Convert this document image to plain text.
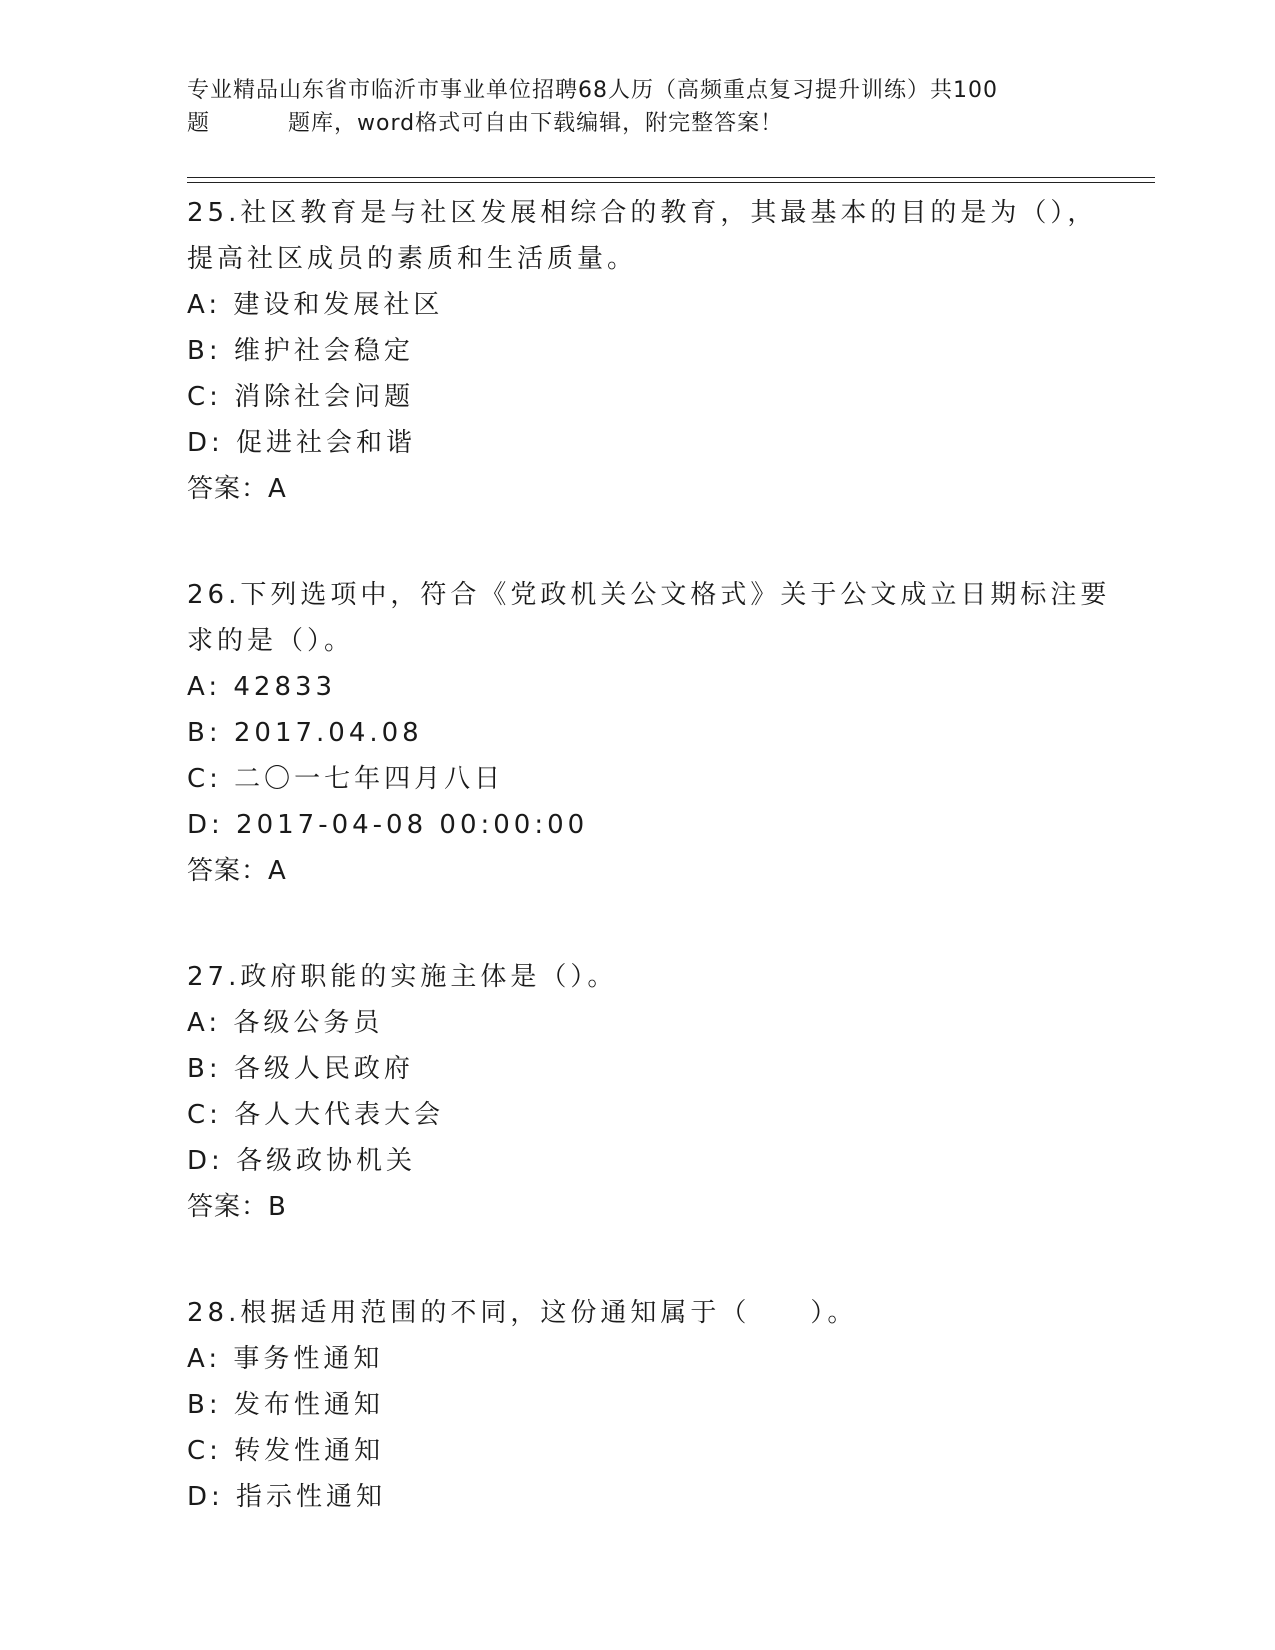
专业精品山东省市临沂市事业单位招聘68人历（高频重点复习提升训练）共100
题	题库，word格式可自由下载编辑，附完整答案！
25.社区教育是与社区发展相综合的教育，其最基本的目的是为（），
提高社区成员的素质和生活质量。
A: 建设和发展社区
B: 维护社会稳定
C: 消除社会问题
D: 促进社会和谐
答案：A
26.下列选项中，符合《党政机关公文格式》关于公文成立日期标注要
求的是（）。
A: 42833
B: 2017.04.08
C: 二〇一七年四月八日
D: 2017-04-08 00:00:00
答案：A
27.政府职能的实施主体是（）。
A: 各级公务员
B: 各级人民政府
C: 各人大代表大会
D: 各级政协机关
答案：B
28.根据适用范围的不同，这份通知属于（　　）。
A: 事务性通知
B: 发布性通知
C: 转发性通知
D: 指示性通知
